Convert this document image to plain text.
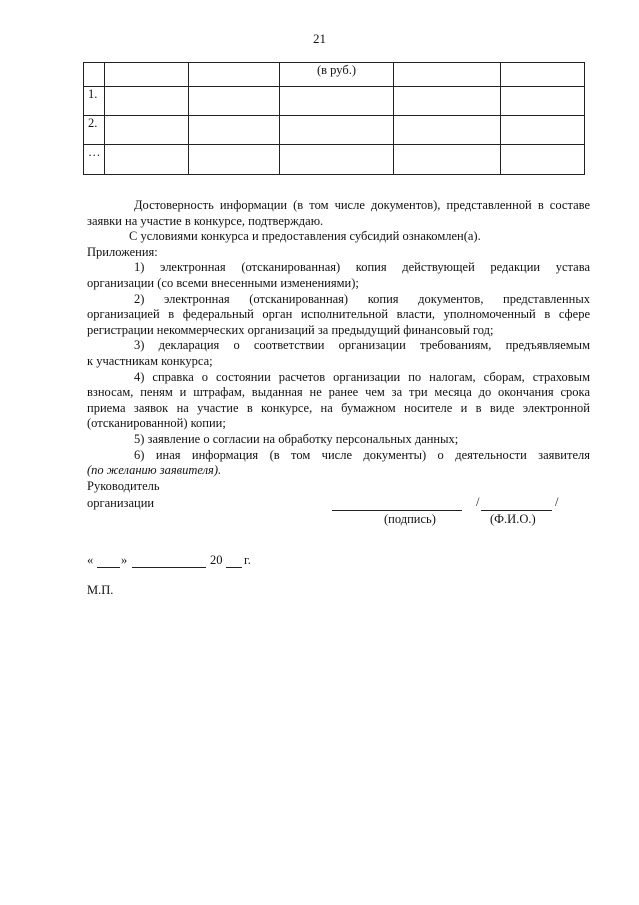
21
			(в руб.)		
1.					
2.					
…					

Достоверность информации (в том числе документов), представленной в составе

заявки на участие в конкурсе, подтверждаю.

С условиями конкурса и предоставления субсидий ознакомлен(а).

Приложения:

1) электронная (отсканированная) копия действующей редакции устава

организации (со всеми внесенными изменениями);

2) электронная (отсканированная) копия документов, представленных

организацией в федеральный орган исполнительной власти, уполномоченный в сфере

регистрации некоммерческих организаций за предыдущий финансовый год;

3) декларация о соответствии организации требованиям, предъявляемым

к участникам конкурса;

4) справка о состоянии расчетов организации по налогам, сборам, страховым

взносам, пеням и штрафам, выданная не ранее чем за три месяца до окончания срока

приема заявок на участие в конкурсе, на бумажном носителе и в виде электронной

(отсканированной) копии;

5) заявление о согласии на обработку персональных данных;

6) иная информация (в том числе документы) о деятельности заявителя

(по желанию заявителя).

Руководитель
организации	/	/
(подпись)	(Ф.И.О.)
« »	20 г.
М.П.
